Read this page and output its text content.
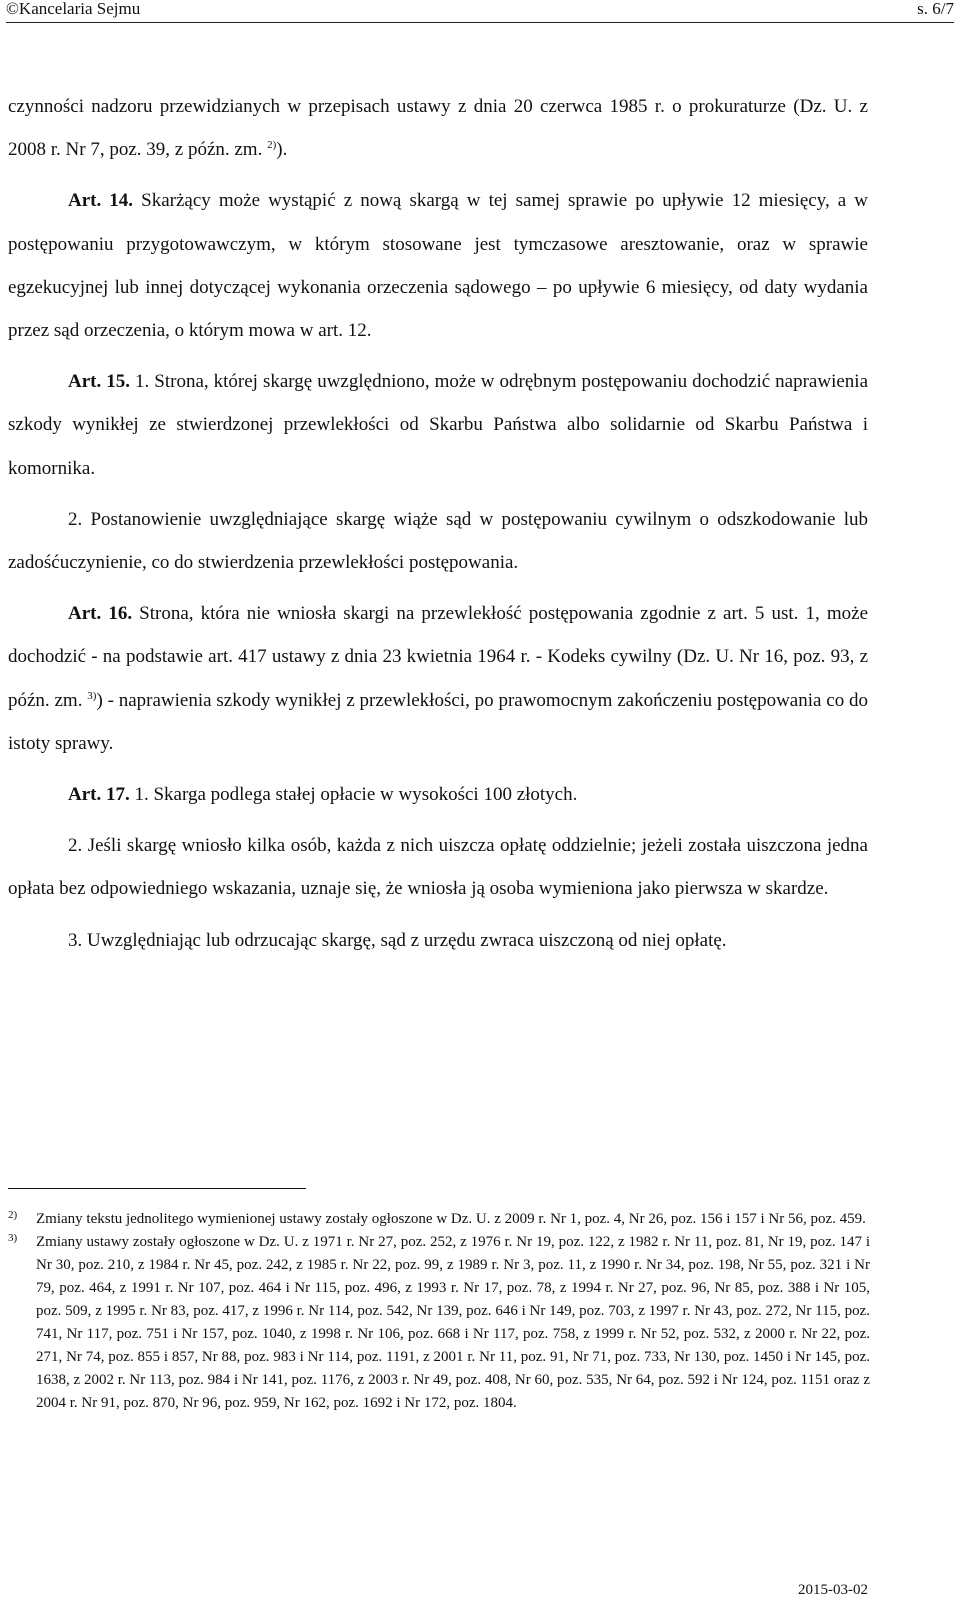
©Kancelaria Sejmu	s. 6/7

czynności nadzoru przewidzianych w przepisach ustawy z dnia 20 czerwca 1985 r. o prokuraturze (Dz. U. z 2008 r. Nr 7, poz. 39, z późn. zm. $^{2)}$).

Art. 14. Skarżący może wystąpić z nową skargą w tej samej sprawie po upływie 12 miesięcy, a w postępowaniu przygotowawczym, w którym stosowane jest tymczasowe aresztowanie, oraz w sprawie egzekucyjnej lub innej dotyczącej wykonania orzeczenia sądowego – po upływie 6 miesięcy, od daty wydania przez sąd orzeczenia, o którym mowa w art. 12.

Art. 15. 1. Strona, której skargę uwzględniono, może w odrębnym postępowaniu dochodzić naprawienia szkody wynikłej ze stwierdzonej przewlekłości od Skarbu Państwa albo solidarnie od Skarbu Państwa i komornika.

2. Postanowienie uwzględniające skargę wiąże sąd w postępowaniu cywilnym o odszkodowanie lub zadośćuczynienie, co do stwierdzenia przewlekłości postępowania.

Art. 16. Strona, która nie wniosła skargi na przewlekłość postępowania zgodnie z art. 5 ust. 1, może dochodzić - na podstawie art. 417 ustawy z dnia 23 kwietnia 1964 r. - Kodeks cywilny (Dz. U. Nr 16, poz. 93, z późn. zm. $^{3)}$) - naprawienia szkody wynikłej z przewlekłości, po prawomocnym zakończeniu postępowania co do istoty sprawy.

Art. 17. 1. Skarga podlega stałej opłacie w wysokości 100 złotych.

2. Jeśli skargę wniosło kilka osób, każda z nich uiszcza opłatę oddzielnie; jeżeli została uiszczona jedna opłata bez odpowiedniego wskazania, uznaje się, że wniosła ją osoba wymieniona jako pierwsza w skardze.

3. Uwzględniając lub odrzucając skargę, sąd z urzędu zwraca uiszczoną od niej opłatę.

2) Zmiany tekstu jednolitego wymienionej ustawy zostały ogłoszone w Dz. U. z 2009 r. Nr 1, poz. 4, Nr 26, poz. 156 i 157 i Nr 56, poz. 459.
3) Zmiany ustawy zostały ogłoszone w Dz. U. z 1971 r. Nr 27, poz. 252, z 1976 r. Nr 19, poz. 122, z 1982 r. Nr 11, poz. 81, Nr 19, poz. 147 i Nr 30, poz. 210, z 1984 r. Nr 45, poz. 242, z 1985 r. Nr 22, poz. 99, z 1989 r. Nr 3, poz. 11, z 1990 r. Nr 34, poz. 198, Nr 55, poz. 321 i Nr 79, poz. 464, z 1991 r. Nr 107, poz. 464 i Nr 115, poz. 496, z 1993 r. Nr 17, poz. 78, z 1994 r. Nr 27, poz. 96, Nr 85, poz. 388 i Nr 105, poz. 509, z 1995 r. Nr 83, poz. 417, z 1996 r. Nr 114, poz. 542, Nr 139, poz. 646 i Nr 149, poz. 703, z 1997 r. Nr 43, poz. 272, Nr 115, poz. 741, Nr 117, poz. 751 i Nr 157, poz. 1040, z 1998 r. Nr 106, poz. 668 i Nr 117, poz. 758, z 1999 r. Nr 52, poz. 532, z 2000 r. Nr 22, poz. 271, Nr 74, poz. 855 i 857, Nr 88, poz. 983 i Nr 114, poz. 1191, z 2001 r. Nr 11, poz. 91, Nr 71, poz. 733, Nr 130, poz. 1450 i Nr 145, poz. 1638, z 2002 r. Nr 113, poz. 984 i Nr 141, poz. 1176, z 2003 r. Nr 49, poz. 408, Nr 60, poz. 535, Nr 64, poz. 592 i Nr 124, poz. 1151 oraz z 2004 r. Nr 91, poz. 870, Nr 96, poz. 959, Nr 162, poz. 1692 i Nr 172, poz. 1804.
2015-03-02
